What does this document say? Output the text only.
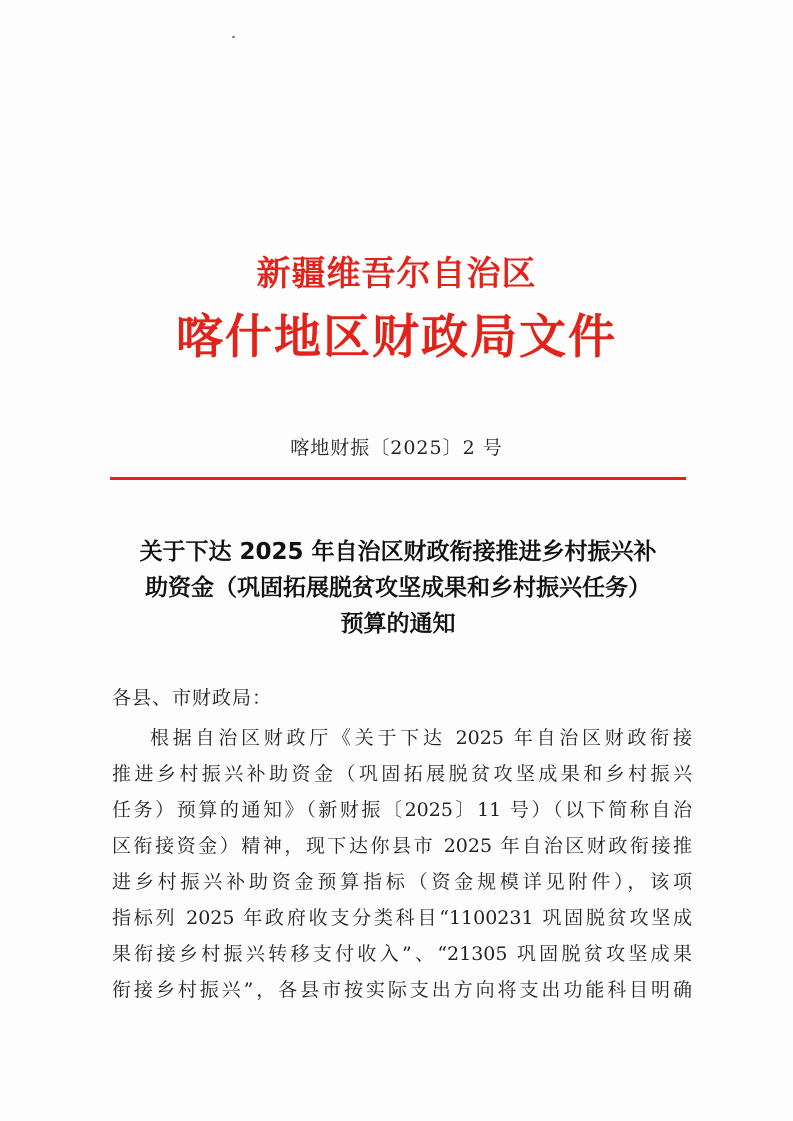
新疆维吾尔自治区
喀什地区财政局文件
喀地财振〔2025〕2 号
关于下达 2025 年自治区财政衔接推进乡村振兴补
助资金（巩固拓展脱贫攻坚成果和乡村振兴任务）
预算的通知
各县、市财政局：
根据自治区财政厅《关于下达 2025 年自治区财政衔接
推进乡村振兴补助资金（巩固拓展脱贫攻坚成果和乡村振兴
任务）预算的通知》（新财振〔2025〕11 号）（以下简称自治
区衔接资金）精神，现下达你县市 2025 年自治区财政衔接推
进乡村振兴补助资金预算指标（资金规模详见附件），该项
指标列 2025 年政府收支分类科目“1100231 巩固脱贫攻坚成
果衔接乡村振兴转移支付收入”、“21305 巩固脱贫攻坚成果
衔接乡村振兴”，各县市按实际支出方向将支出功能科目明确
